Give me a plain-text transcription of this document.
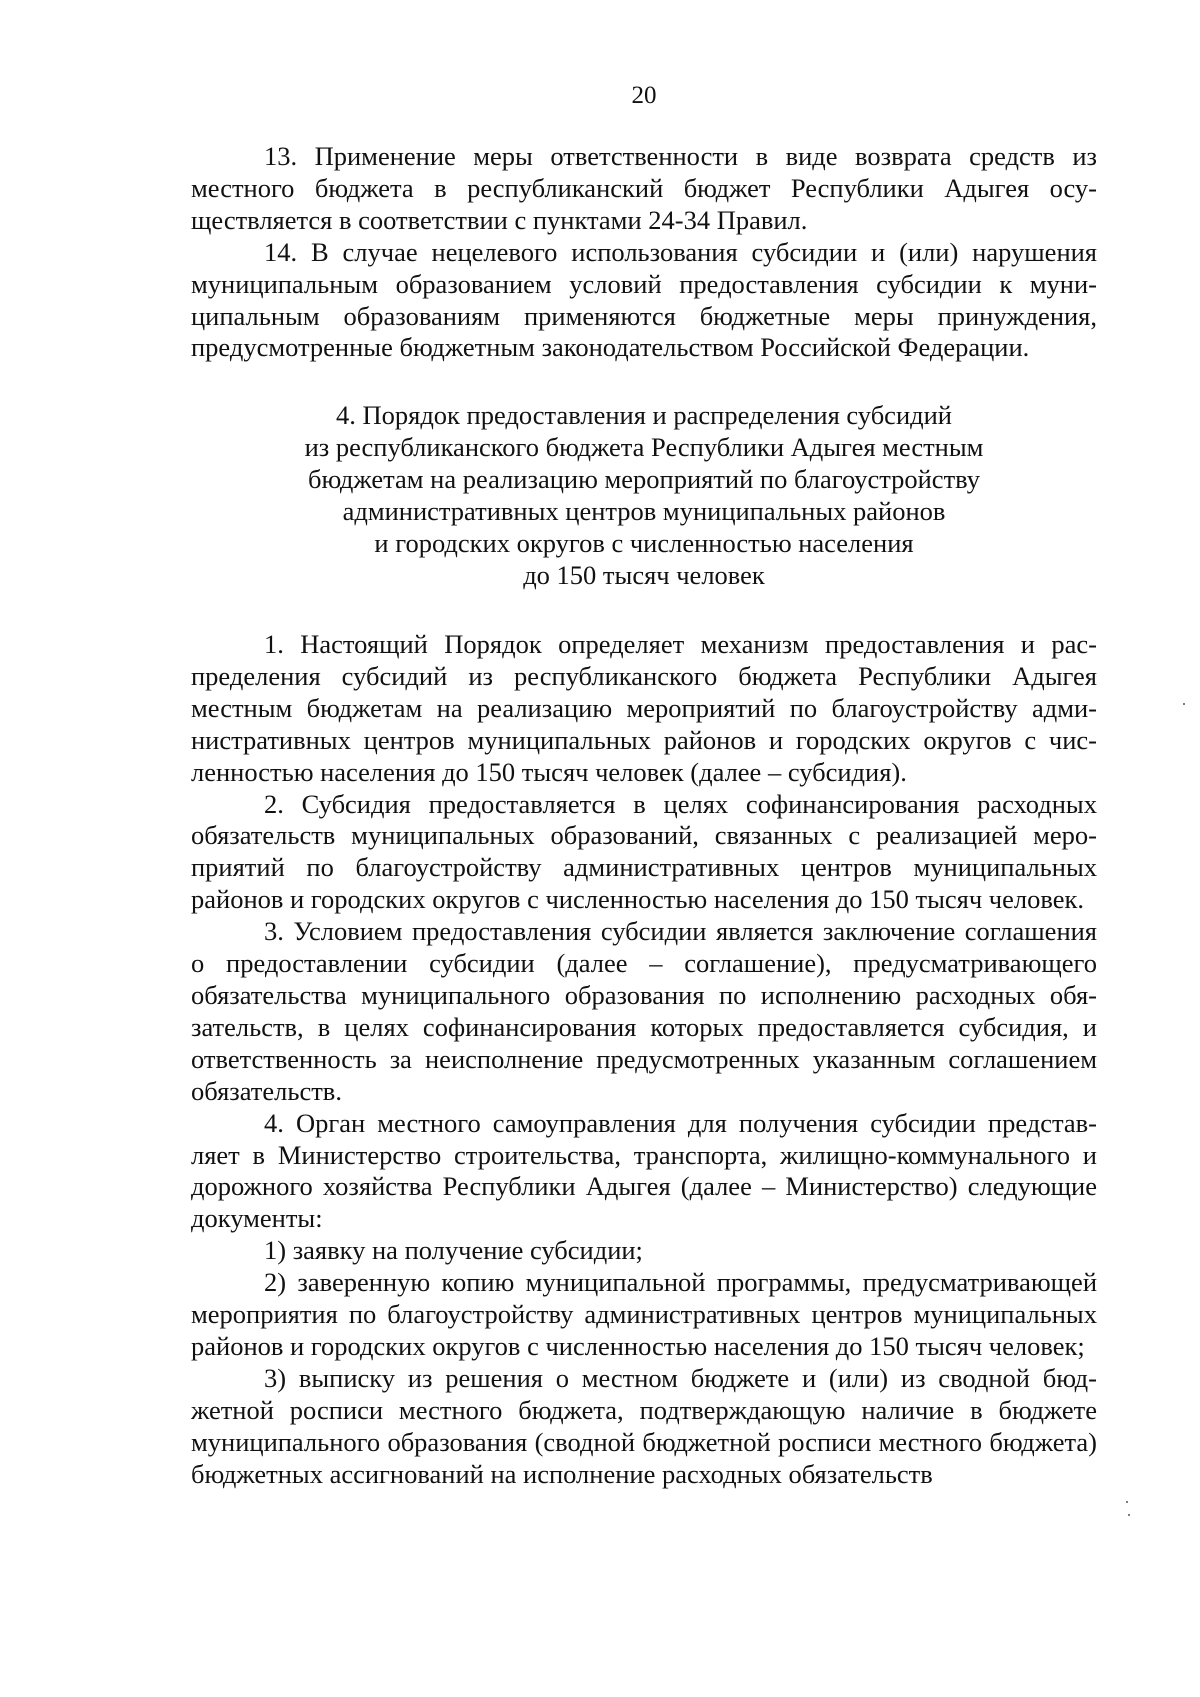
20

13. Применение меры ответственности в виде возврата средств из местного бюджета в республиканский бюджет Республики Адыгея осуществляется в соответствии с пунктами 24-34 Правил.

14. В случае нецелевого использования субсидии и (или) нарушения муниципальным образованием условий предоставления субсидии к муниципальным образованиям применяются бюджетные меры принуждения, предусмотренные бюджетным законодательством Российской Федерации.

4. Порядок предоставления и распределения субсидий
из республиканского бюджета Республики Адыгея местным
бюджетам на реализацию мероприятий по благоустройству
административных центров муниципальных районов
и городских округов с численностью населения
до 150 тысяч человек

1. Настоящий Порядок определяет механизм предоставления и распределения субсидий из республиканского бюджета Республики Адыгея местным бюджетам на реализацию мероприятий по благоустройству административных центров муниципальных районов и городских округов с численностью населения до 150 тысяч человек (далее – субсидия).

2. Субсидия предоставляется в целях софинансирования расходных обязательств муниципальных образований, связанных с реализацией мероприятий по благоустройству административных центров муниципальных районов и городских округов с численностью населения до 150 тысяч человек.

3. Условием предоставления субсидии является заключение соглашения о предоставлении субсидии (далее – соглашение), предусматривающего обязательства муниципального образования по исполнению расходных обязательств, в целях софинансирования которых предоставляется субсидия, и ответственность за неисполнение предусмотренных указанным соглашением обязательств.

4. Орган местного самоуправления для получения субсидии представляет в Министерство строительства, транспорта, жилищно-коммунального и дорожного хозяйства Республики Адыгея (далее – Министерство) следующие документы:

1) заявку на получение субсидии;

2) заверенную копию муниципальной программы, предусматривающей мероприятия по благоустройству административных центров муниципальных районов и городских округов с численностью населения до 150 тысяч человек;

3) выписку из решения о местном бюджете и (или) из сводной бюджетной росписи местного бюджета, подтверждающую наличие в бюджете муниципального образования (сводной бюджетной росписи местного бюджета) бюджетных ассигнований на исполнение расходных обязательств
